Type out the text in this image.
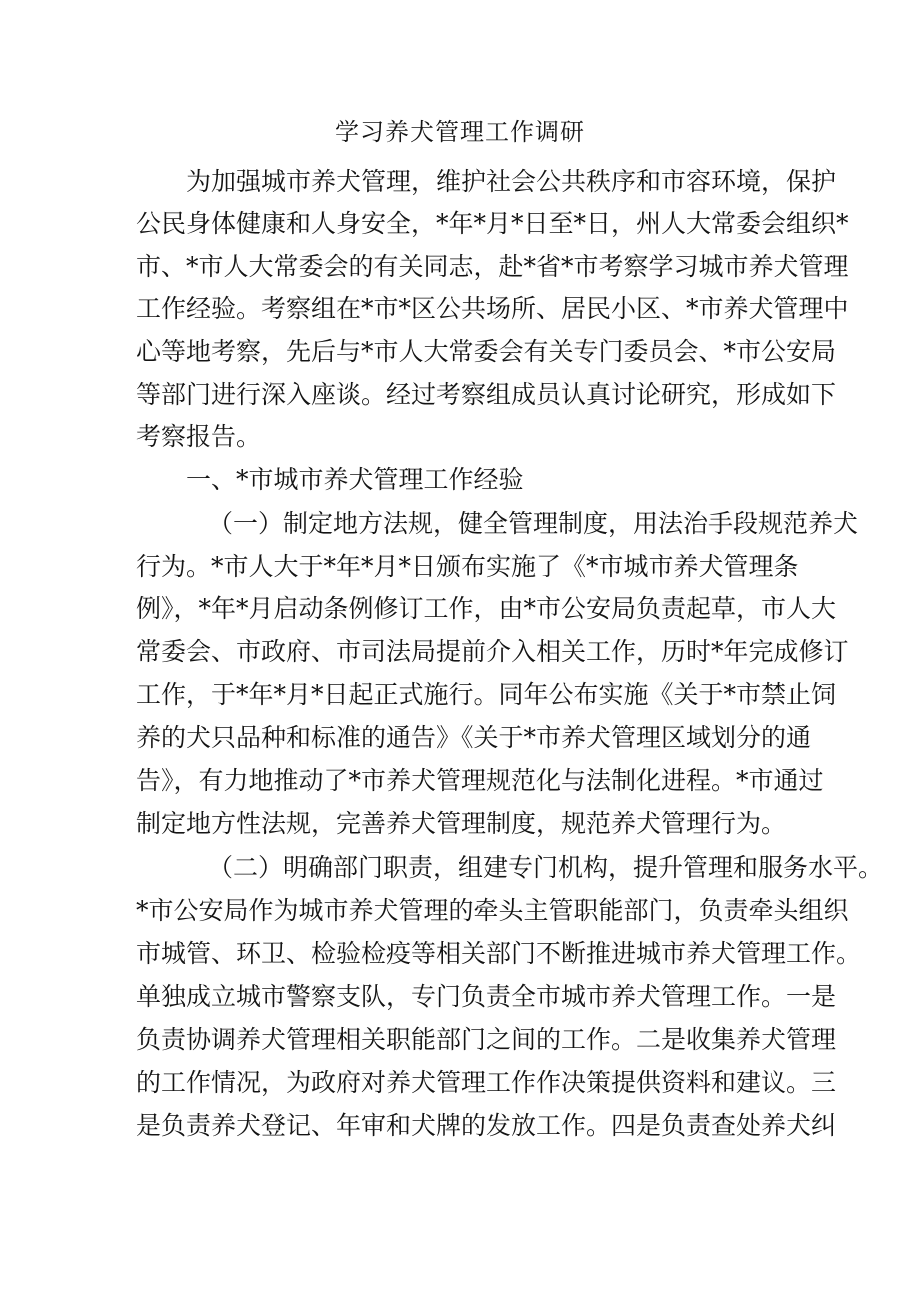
学习养犬管理工作调研
为加强城市养犬管理，维护社会公共秩序和市容环境，保护
公民身体健康和人身安全，*年*月*日至*日，州人大常委会组织*
市、*市人大常委会的有关同志，赴*省*市考察学习城市养犬管理
工作经验。考察组在*市*区公共场所、居民小区、*市养犬管理中
心等地考察，先后与*市人大常委会有关专门委员会、*市公安局
等部门进行深入座谈。经过考察组成员认真讨论研究，形成如下
考察报告。
一、*市城市养犬管理工作经验
（一）制定地方法规，健全管理制度，用法治手段规范养犬
行为。*市人大于*年*月*日颁布实施了《*市城市养犬管理条
例》，*年*月启动条例修订工作，由*市公安局负责起草，市人大
常委会、市政府、市司法局提前介入相关工作，历时*年完成修订
工作，于*年*月*日起正式施行。同年公布实施《关于*市禁止饲
养的犬只品种和标准的通告》《关于*市养犬管理区域划分的通
告》，有力地推动了*市养犬管理规范化与法制化进程。*市通过
制定地方性法规，完善养犬管理制度，规范养犬管理行为。
（二）明确部门职责，组建专门机构，提升管理和服务水平。
*市公安局作为城市养犬管理的牵头主管职能部门，负责牵头组织
市城管、环卫、检验检疫等相关部门不断推进城市养犬管理工作。
单独成立城市警察支队，专门负责全市城市养犬管理工作。一是
负责协调养犬管理相关职能部门之间的工作。二是收集养犬管理
的工作情况，为政府对养犬管理工作作决策提供资料和建议。三
是负责养犬登记、年审和犬牌的发放工作。四是负责查处养犬纠
